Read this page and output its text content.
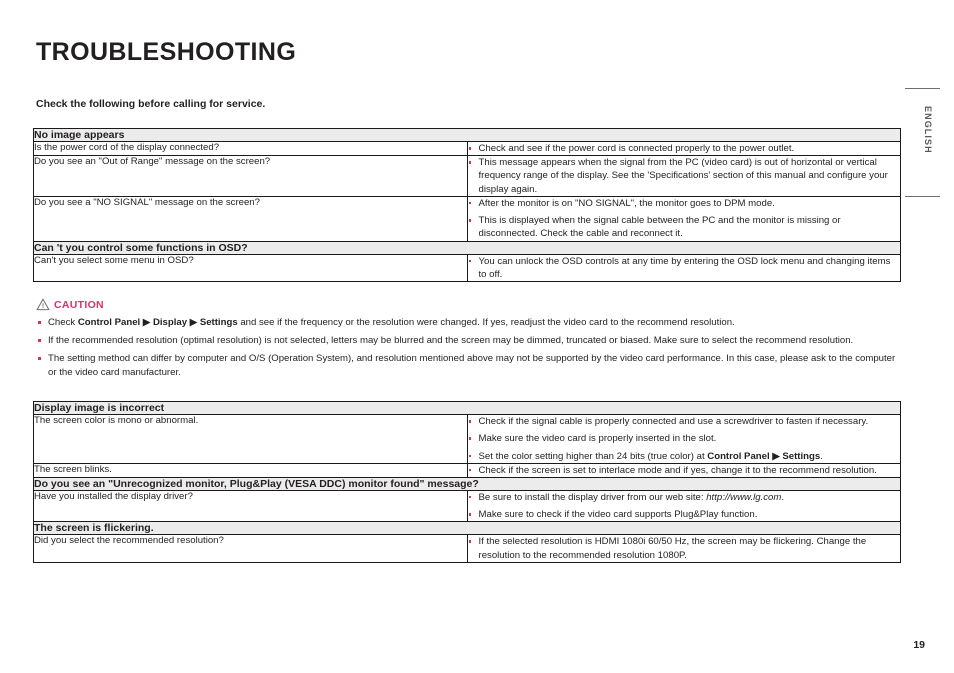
TROUBLESHOOTING
Check the following before calling for service.
No image appears	
Is the power cord of the display connected?	Check and see if the power cord is connected properly to the power outlet.

Do you see an "Out of Range" message on the screen?	This message appears when the signal from the PC (video card) is out of horizontal or vertical frequency range of the display. See the 'Specifications' section of this manual and configure your display again.

Do you see a "NO SIGNAL" message on the screen?	After the monitor is on "NO SIGNAL", the monitor goes to DPM mode.
This is displayed when the signal cable between the PC and the monitor is missing or disconnected. Check the cable and reconnect it.

Can 't you control some functions in OSD?	
Can't you select some menu in OSD?	You can unlock the OSD controls at any time by entering the OSD lock menu and changing items to off.
CAUTION
Check Control Panel ▶ Display ▶ Settings and see if the frequency or the resolution were changed. If yes, readjust the video card to the recommend resolution.
If the recommended resolution (optimal resolution) is not selected, letters may be blurred and the screen may be dimmed, truncated or biased. Make sure to select the recommend resolution.
The setting method can differ by computer and O/S (Operation System), and resolution mentioned above may not be supported by the video card performance. In this case, please ask to the computer or the video card manufacturer.
Display image is incorrect	
The screen color is mono or abnormal.	Check if the signal cable is properly connected and use a screwdriver to fasten if necessary.
Make sure the video card is properly inserted in the slot.
Set the color setting higher than 24 bits (true color) at Control Panel ▶ Settings.

The screen blinks.	Check if the screen is set to interlace mode and if yes, change it to the recommend resolution.

Do you see an "Unrecognized monitor, Plug&Play (VESA DDC) monitor found" message?	
Have you installed the display driver?	Be sure to install the display driver from our web site: http://www.lg.com.
Make sure to check if the video card supports Plug&Play function.

The screen is flickering.	
Did you select the recommended resolution?	If the selected resolution is HDMI 1080i 60/50 Hz, the screen may be flickering. Change the resolution to the recommended resolution 1080P.
ENGLISH
19
